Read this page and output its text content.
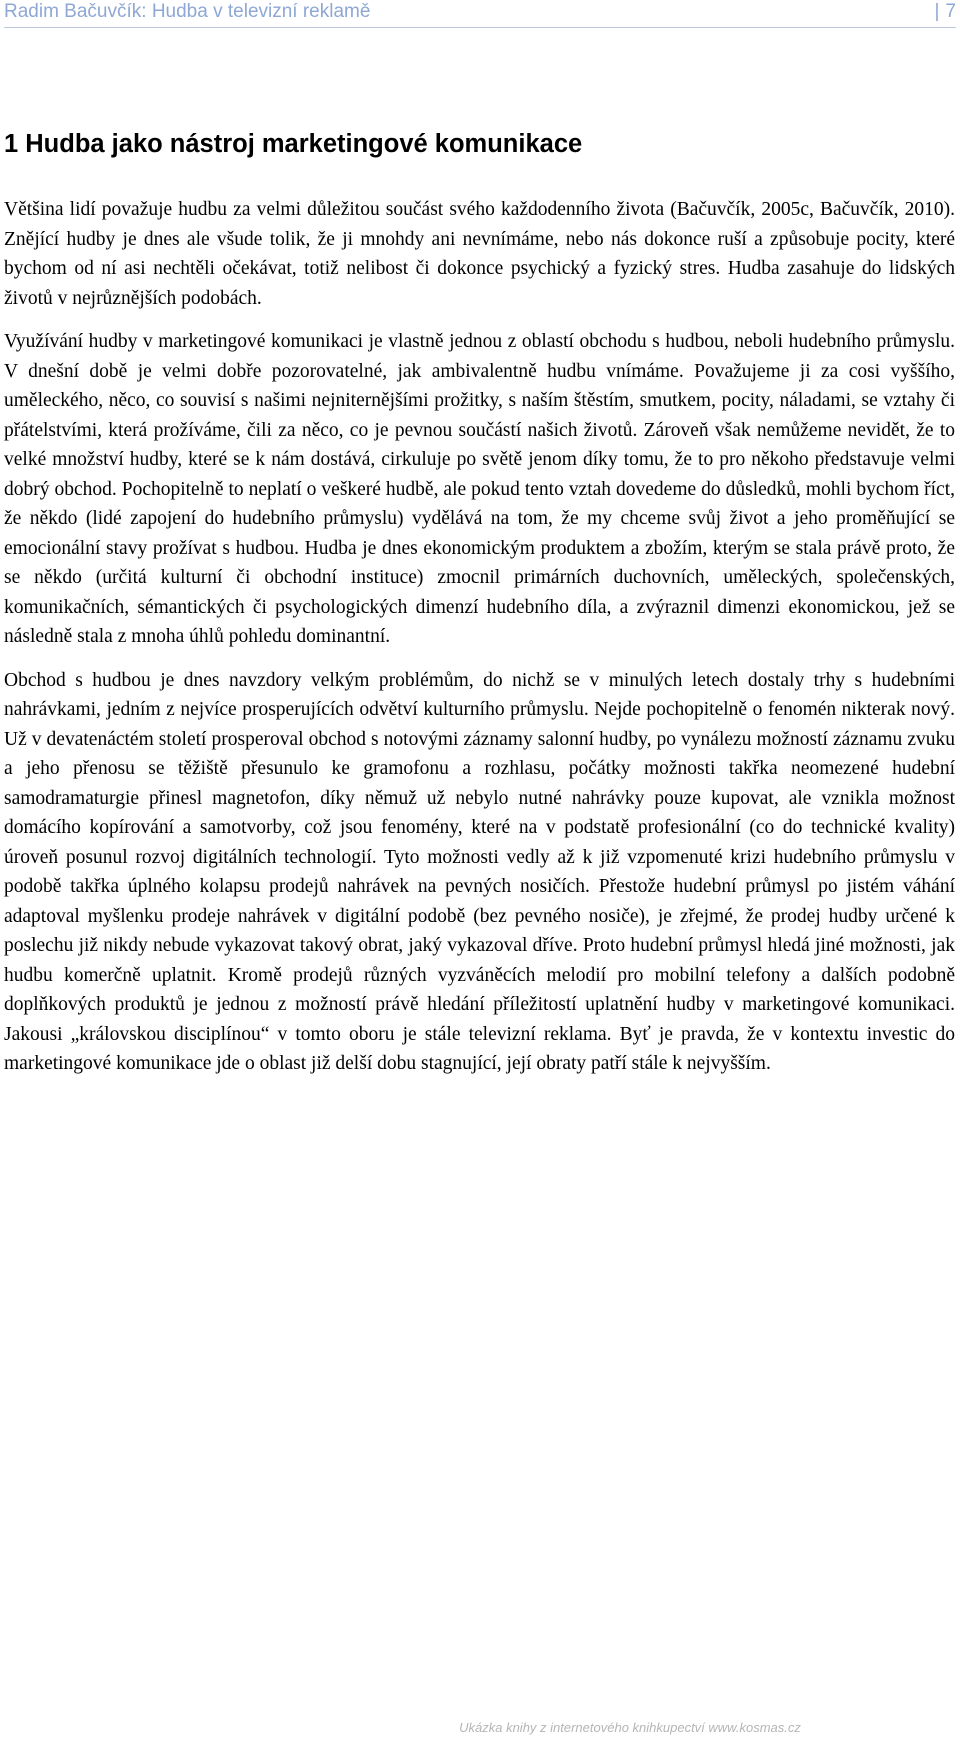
Radim Bačuvčík: Hudba v televizní reklamě	| 7
1 Hudba jako nástroj marketingové komunikace

Většina lidí považuje hudbu za velmi důležitou součást svého každodenního života (Bačuvčík, 2005c, Bačuvčík, 2010). Znějící hudby je dnes ale všude tolik, že ji mnohdy ani nevnímáme, nebo nás dokonce ruší a způsobuje pocity, které bychom od ní asi nechtěli očekávat, totiž nelibost či dokonce psychický a fyzický stres. Hudba zasahuje do lidských životů v nejrůznějších podobách.

Využívání hudby v marketingové komunikaci je vlastně jednou z oblastí obchodu s hudbou, neboli hudebního průmyslu. V dnešní době je velmi dobře pozorovatelné, jak ambivalentně hudbu vnímáme. Považujeme ji za cosi vyššího, uměleckého, něco, co souvisí s našimi nejniternějšími prožitky, s naším štěstím, smutkem, pocity, náladami, se vztahy či přátelstvími, která prožíváme, čili za něco, co je pevnou součástí našich životů. Zároveň však nemůžeme nevidět, že to velké množství hudby, které se k nám dostává, cirkuluje po světě jenom díky tomu, že to pro někoho představuje velmi dobrý obchod. Pochopitelně to neplatí o veškeré hudbě, ale pokud tento vztah dovedeme do důsledků, mohli bychom říct, že někdo (lidé zapojení do hudebního průmyslu) vydělává na tom, že my chceme svůj život a jeho proměňující se emocionální stavy prožívat s hudbou. Hudba je dnes ekonomickým produktem a zbožím, kterým se stala právě proto, že se někdo (určitá kulturní či obchodní instituce) zmocnil primárních duchovních, uměleckých, společenských, komunikačních, sémantických či psychologických dimenzí hudebního díla, a zvýraznil dimenzi ekonomickou, jež se následně stala z mnoha úhlů pohledu dominantní.

Obchod s hudbou je dnes navzdory velkým problémům, do nichž se v minulých letech dostaly trhy s hudebními nahrávkami, jedním z nejvíce prosperujících odvětví kulturního průmyslu. Nejde pochopitelně o fenomén nikterak nový. Už v devatenáctém století prosperoval obchod s notovými záznamy salonní hudby, po vynálezu možností záznamu zvuku a jeho přenosu se těžiště přesunulo ke gramofonu a rozhlasu, počátky možnosti takřka neomezené hudební samodramaturgie přinesl magnetofon, díky němuž už nebylo nutné nahrávky pouze kupovat, ale vznikla možnost domácího kopírování a samotvorby, což jsou fenomény, které na v podstatě profesionální (co do technické kvality) úroveň posunul rozvoj digitálních technologií. Tyto možnosti vedly až k již vzpomenuté krizi hudebního průmyslu v podobě takřka úplného kolapsu prodejů nahrávek na pevných nosičích. Přestože hudební průmysl po jistém váhání adaptoval myšlenku prodeje nahrávek v digitální podobě (bez pevného nosiče), je zřejmé, že prodej hudby určené k poslechu již nikdy nebude vykazovat takový obrat, jaký vykazoval dříve. Proto hudební průmysl hledá jiné možnosti, jak hudbu komerčně uplatnit. Kromě prodejů různých vyzváněcích melodií pro mobilní telefony a dalších podobně doplňkových produktů je jednou z možností právě hledání příležitostí uplatnění hudby v marketingové komunikaci. Jakousi „královskou disciplínou“ v tomto oboru je stále televizní reklama. Byť je pravda, že v kontextu investic do marketingové komunikace jde o oblast již delší dobu stagnující, její obraty patří stále k nejvyšším.

Ukázka knihy z internetového knihkupectví www.kosmas.cz
